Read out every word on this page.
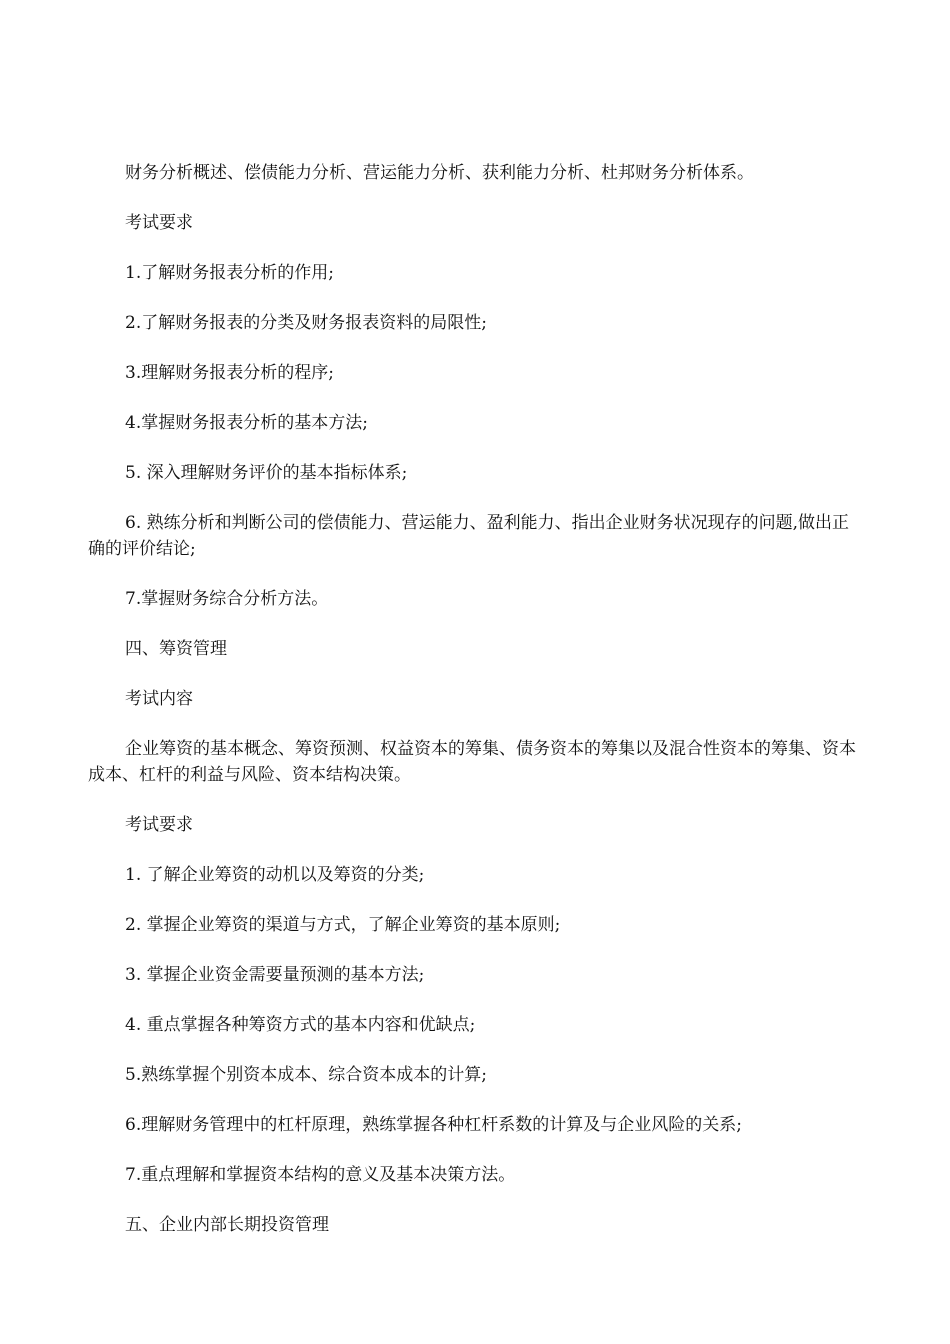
财务分析概述、偿债能力分析、营运能力分析、获利能力分析、杜邦财务分析体系。

考试要求

1.了解财务报表分析的作用;

2.了解财务报表的分类及财务报表资料的局限性;

3.理解财务报表分析的程序;

4.掌握财务报表分析的基本方法;

5. 深入理解财务评价的基本指标体系;

6. 熟练分析和判断公司的偿债能力、营运能力、盈利能力、指出企业财务状况现存的问题,做出正确的评价结论;

7.掌握财务综合分析方法。

四、筹资管理

考试内容

企业筹资的基本概念、筹资预测、权益资本的筹集、债务资本的筹集以及混合性资本的筹集、资本成本、杠杆的利益与风险、资本结构决策。

考试要求

1. 了解企业筹资的动机以及筹资的分类;

2. 掌握企业筹资的渠道与方式，了解企业筹资的基本原则;

3. 掌握企业资金需要量预测的基本方法;

4. 重点掌握各种筹资方式的基本内容和优缺点;

5.熟练掌握个别资本成本、综合资本成本的计算;

6.理解财务管理中的杠杆原理，熟练掌握各种杠杆系数的计算及与企业风险的关系;

7.重点理解和掌握资本结构的意义及基本决策方法。

五、企业内部长期投资管理
